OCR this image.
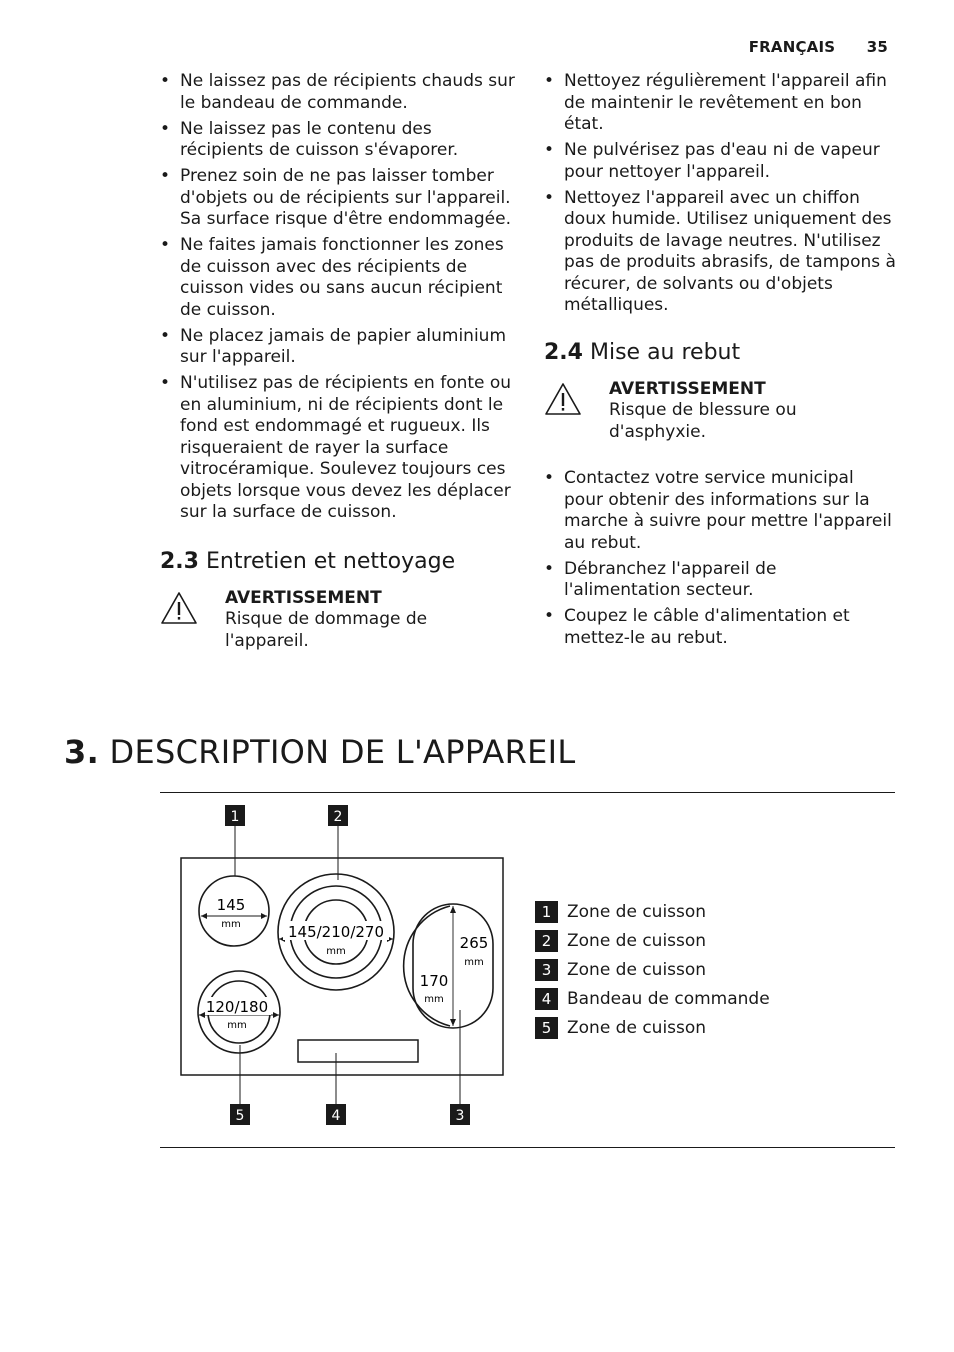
FRANÇAIS 35
• Ne laissez pas de récipients chauds sur le bandeau de commande.
• Ne laissez pas le contenu des récipients de cuisson s'évaporer.
• Prenez soin de ne pas laisser tomber d'objets ou de récipients sur l'appareil. Sa surface risque d'être endommagée.
• Ne faites jamais fonctionner les zones de cuisson avec des récipients de cuisson vides ou sans aucun récipient de cuisson.
• Ne placez jamais de papier aluminium sur l'appareil.
• N'utilisez pas de récipients en fonte ou en aluminium, ni de récipients dont le fond est endommagé et rugueux. Ils risqueraient de rayer la surface vitrocéramique. Soulevez toujours ces objets lorsque vous devez les déplacer sur la surface de cuisson.
2.3 Entretien et nettoyage
AVERTISSEMENT
Risque de dommage de l'appareil.
• Nettoyez régulièrement l'appareil afin de maintenir le revêtement en bon état.
• Ne pulvérisez pas d'eau ni de vapeur pour nettoyer l'appareil.
• Nettoyez l'appareil avec un chiffon doux humide. Utilisez uniquement des produits de lavage neutres. N'utilisez pas de produits abrasifs, de tampons à récurer, de solvants ou d'objets métalliques.
2.4 Mise au rebut
AVERTISSEMENT
Risque de blessure ou d'asphyxie.
• Contactez votre service municipal pour obtenir des informations sur la marche à suivre pour mettre l'appareil au rebut.
• Débranchez l'appareil de l'alimentation secteur.
• Coupez le câble d'alimentation et mettez-le au rebut.
3. DESCRIPTION DE L'APPAREIL
145
mm	145/210/270
mm	265
mm
170
mm
120/180
mm
1	2
3
4
5
1 Zone de cuisson
2 Zone de cuisson
3 Zone de cuisson
4 Bandeau de commande
5 Zone de cuisson
